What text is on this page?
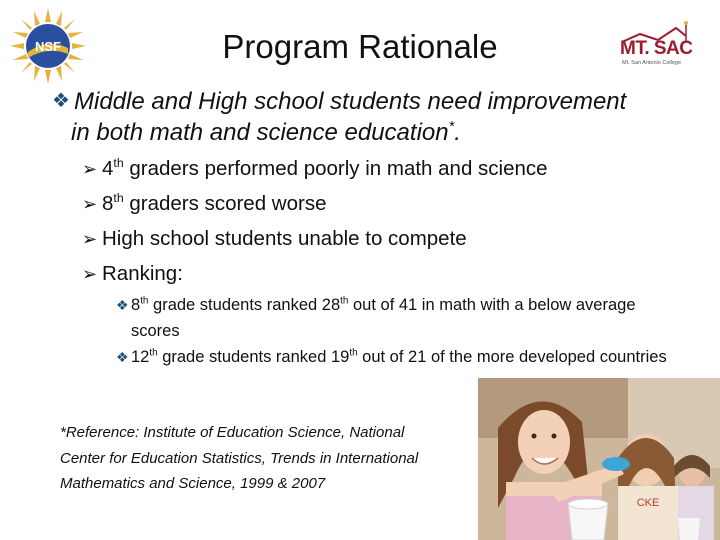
NSF	MT. SAC
Mt. San Antonio College
Program Rationale
❖ Middle and High school students need improvement
in both math and science education*.
➢ 4th graders performed poorly in math and science
➢ 8th graders scored worse
➢ High school students unable to compete
➢ Ranking:
❖ 8th grade students ranked 28th out of 41 in math with a below average scores
❖ 12th grade students ranked 19th out of 21 of the more developed countries
*Reference: Institute of Education Science, National
Center for Education Statistics, Trends in International
Mathematics and Science, 1999 & 2007
CKE
